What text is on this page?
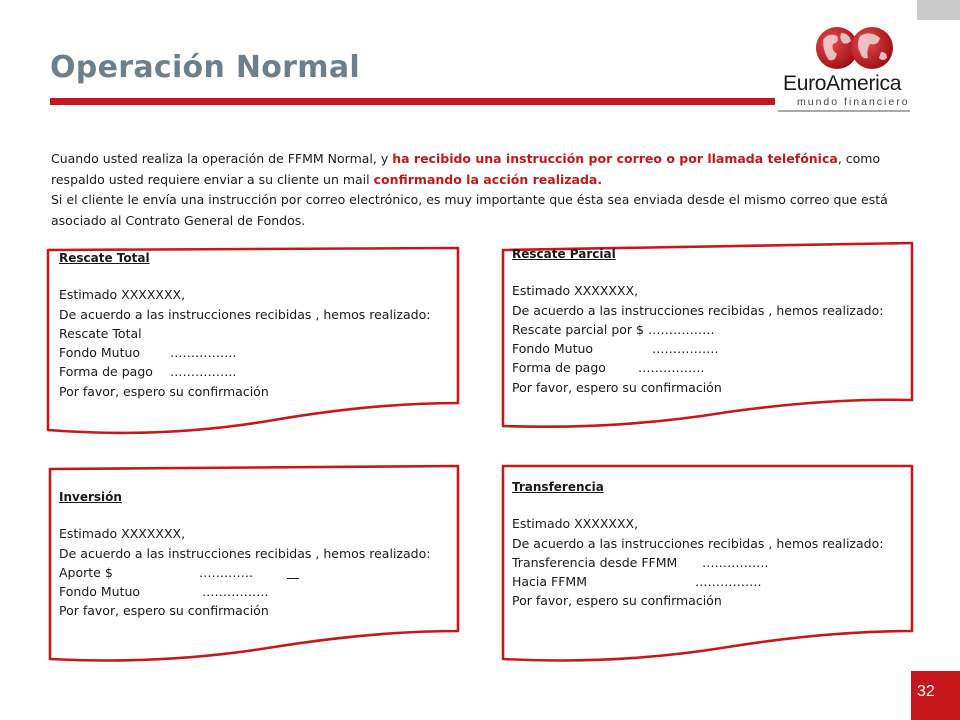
Operación Normal	EuroAmerica
mundo financiero

Cuando usted realiza la operación de FFMM Normal, y ha recibido una instrucción por correo o por llamada telefónica, como respaldo usted requiere enviar a su cliente un mail confirmando la acción realizada.
Si el cliente le envía una instrucción por correo electrónico, es muy importante que ésta sea enviada desde el mismo correo que está asociado al Contrato General de Fondos.

Rescate Total
Estimado XXXXXXX,
De acuerdo a las instrucciones recibidas , hemos realizado:
Rescate Total
Fondo Mutuo …………….
Forma de pago …………….
Por favor, espero su confirmación
Rescate Parcial
Estimado XXXXXXX,
De acuerdo a las instrucciones recibidas , hemos realizado:
Rescate parcial por $ …………….
Fondo Mutuo	…………….
Forma de pago	…………….
Por favor, espero su confirmación
Inversión
Estimado XXXXXXX,
De acuerdo a las instrucciones recibidas , hemos realizado:
Aporte $	………….
Fondo Mutuo	…………….
Por favor, espero su confirmación
Transferencia
Estimado XXXXXXX,
De acuerdo a las instrucciones recibidas , hemos realizado:
Transferencia desde FFMM …………….
Hacia FFMM	…………….
Por favor, espero su confirmación
32
